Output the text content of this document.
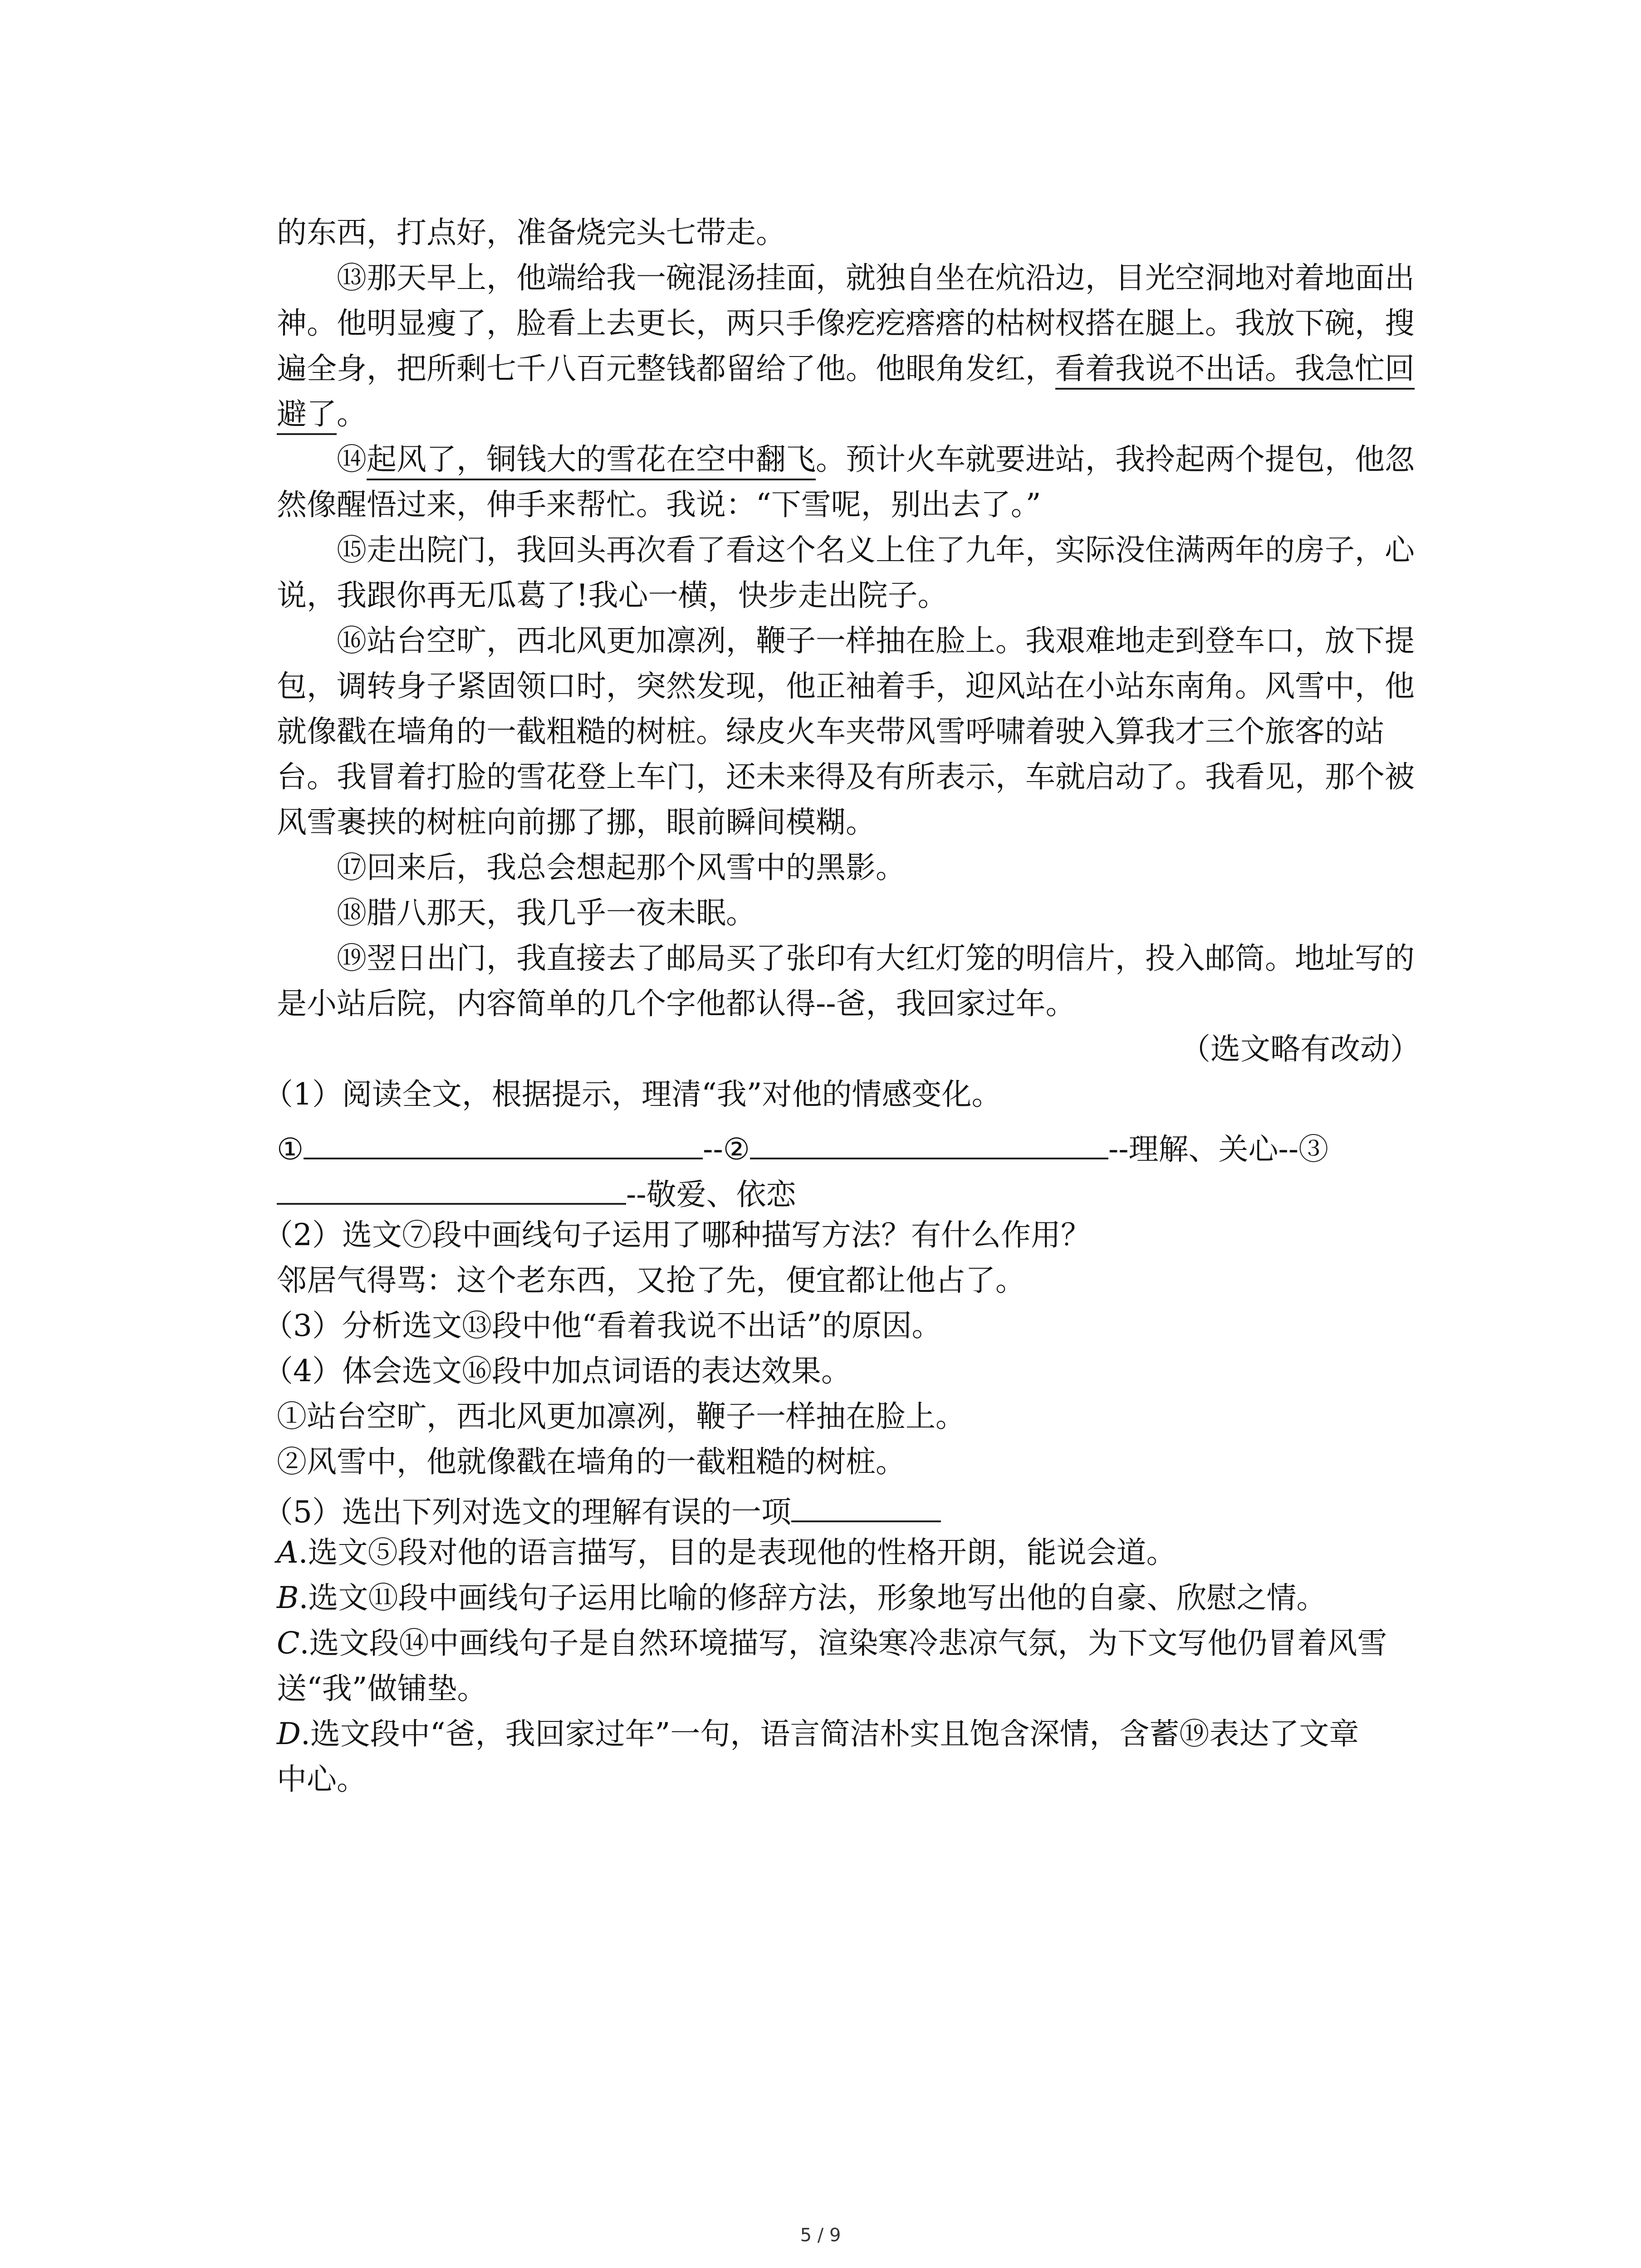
的东西，打点好，准备烧完头七带走。
⑬那天早上，他端给我一碗混汤挂面，就独自坐在炕沿边，目光空洞地对着地面出
神。他明显瘦了，脸看上去更长，两只手像疙疙瘩瘩的枯树杈搭在腿上。我放下碗，搜
遍全身，把所剩七千八百元整钱都留给了他。他眼角发红，看着我说不出话。我急忙回
避了。
⑭起风了，铜钱大的雪花在空中翻飞。预计火车就要进站，我拎起两个提包，他忽
然像醒悟过来，伸手来帮忙。我说：“下雪呢，别出去了。”
⑮走出院门，我回头再次看了看这个名义上住了九年，实际没住满两年的房子，心
说，我跟你再无瓜葛了!我心一横，快步走出院子。
⑯站台空旷，西北风更加凛冽，鞭子一样抽在脸上。我艰难地走到登车口，放下提
包，调转身子紧固领口时，突然发现，他正袖着手，迎风站在小站东南角。风雪中，他
就像戳在墙角的一截粗糙的树桩。绿皮火车夹带风雪呼啸着驶入算我才三个旅客的站
台。我冒着打脸的雪花登上车门，还未来得及有所表示，车就启动了。我看见，那个被
风雪裹挟的树桩向前挪了挪，眼前瞬间模糊。
⑰回来后，我总会想起那个风雪中的黑影。
⑱腊八那天，我几乎一夜未眠。
⑲翌日出门，我直接去了邮局买了张印有大红灯笼的明信片，投入邮筒。地址写的
是小站后院，内容简单的几个字他都认得--爸，我回家过年。
（选文略有改动）
（1）阅读全文，根据提示，理清“我”对他的情感变化。
①	--②	--理解、关心--③
--敬爱、依恋
（2）选文⑦段中画线句子运用了哪种描写方法？有什么作用？
邻居气得骂：这个老东西，又抢了先，便宜都让他占了。
（3）分析选文⑬段中他“看着我说不出话”的原因。
（4）体会选文⑯段中加点词语的表达效果。
①站台空旷，西北风更加凛冽，鞭子一样抽在脸上。
②风雪中，他就像戳在墙角的一截粗糙的树桩。
（5）选出下列对选文的理解有误的一项
A.选文⑤段对他的语言描写，目的是表现他的性格开朗，能说会道。
B.选文⑪段中画线句子运用比喻的修辞方法，形象地写出他的自豪、欣慰之情。
C.选文段⑭中画线句子是自然环境描写，渲染寒冷悲凉气氛，为下文写他仍冒着风雪
送“我”做铺垫。
D.选文段中“爸，我回家过年”一句，语言简洁朴实且饱含深情，含蓄⑲表达了文章
中心。
5 / 9
